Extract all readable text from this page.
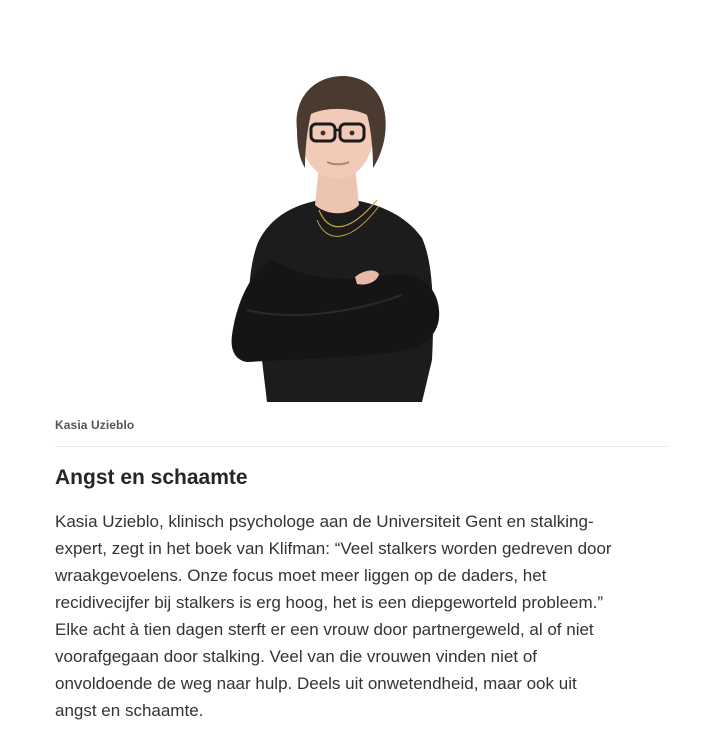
Kasia Uzieblo
Angst en schaamte

Kasia Uzieblo, klinisch psychologe aan de Universiteit Gent en stalking-
expert, zegt in het boek van Klifman: “Veel stalkers worden gedreven door
wraakgevoelens. Onze focus moet meer liggen op de daders, het
recidivecijfer bij stalkers is erg hoog, het is een diepgeworteld probleem.”
Elke acht à tien dagen sterft er een vrouw door partnergeweld, al of niet
voorafgegaan door stalking. Veel van die vrouwen vinden niet of
onvoldoende de weg naar hulp. Deels uit onwetendheid, maar ook uit
angst en schaamte.
